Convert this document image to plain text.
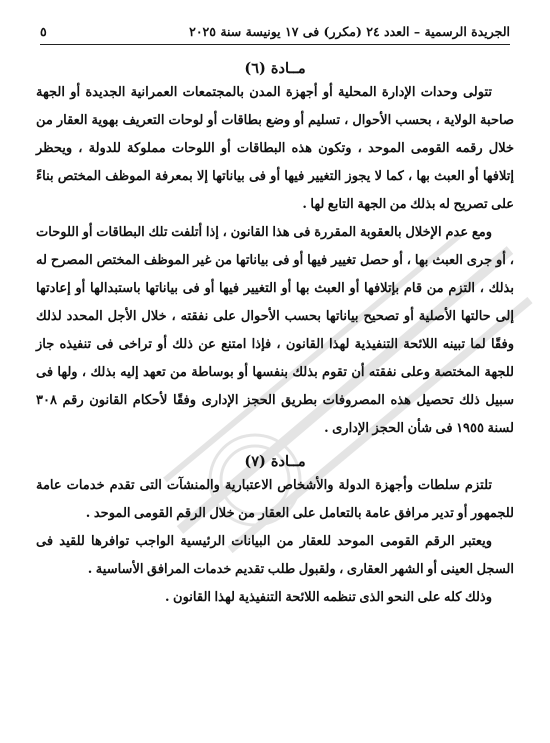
الجريدة الرسمية – العدد ٢٤ (مكرر) فى ١٧ يونيسة سنة ٢٠٢٥
٥
مــادة (٦)

تتولى وحدات الإدارة المحلية أو أجهزة المدن بالمجتمعات العمرانية الجديدة أو الجهة صاحبة الولاية ، بحسب الأحوال ، تسليم أو وضع بطاقات أو لوحات التعريف بهوية العقار من خلال رقمه القومى الموحد ، وتكون هذه البطاقات أو اللوحات مملوكة للدولة ، ويحظر إتلافها أو العبث بها ، كما لا يجوز التغيير فيها أو فى بياناتها إلا بمعرفة الموظف المختص بناءً على تصريح له بذلك من الجهة التابع لها .

ومع عدم الإخلال بالعقوبة المقررة فى هذا القانون ، إذا أتلفت تلك البطاقات أو اللوحات ، أو جرى العبث بها ، أو حصل تغيير فيها أو فى بياناتها من غير الموظف المختص المصرح له بذلك ، التزم من قام بإتلافها أو العبث بها أو التغيير فيها أو فى بياناتها باستبدالها أو إعادتها إلى حالتها الأصلية أو تصحيح بياناتها بحسب الأحوال على نفقته ، خلال الأجل المحدد لذلك وفقًا لما تبينه اللائحة التنفيذية لهذا القانون ، فإذا امتنع عن ذلك أو تراخى فى تنفيذه جاز للجهة المختصة وعلى نفقته أن تقوم بذلك بنفسها أو بوساطة من تعهد إليه بذلك ، ولها فى سبيل ذلك تحصيل هذه المصروفات بطريق الحجز الإدارى وفقًا لأحكام القانون رقم ٣٠٨ لسنة ١٩٥٥ فى شأن الحجز الإدارى .

مــادة (٧)

تلتزم سلطات وأجهزة الدولة والأشخاص الاعتبارية والمنشآت التى تقدم خدمات عامة للجمهور أو تدير مرافق عامة بالتعامل على العقار من خلال الرقم القومى الموحد .

ويعتبر الرقم القومى الموحد للعقار من البيانات الرئيسية الواجب توافرها للقيد فى السجل العينى أو الشهر العقارى ، ولقبول طلب تقديم خدمات المرافق الأساسية .

وذلك كله على النحو الذى تنظمه اللائحة التنفيذية لهذا القانون .
